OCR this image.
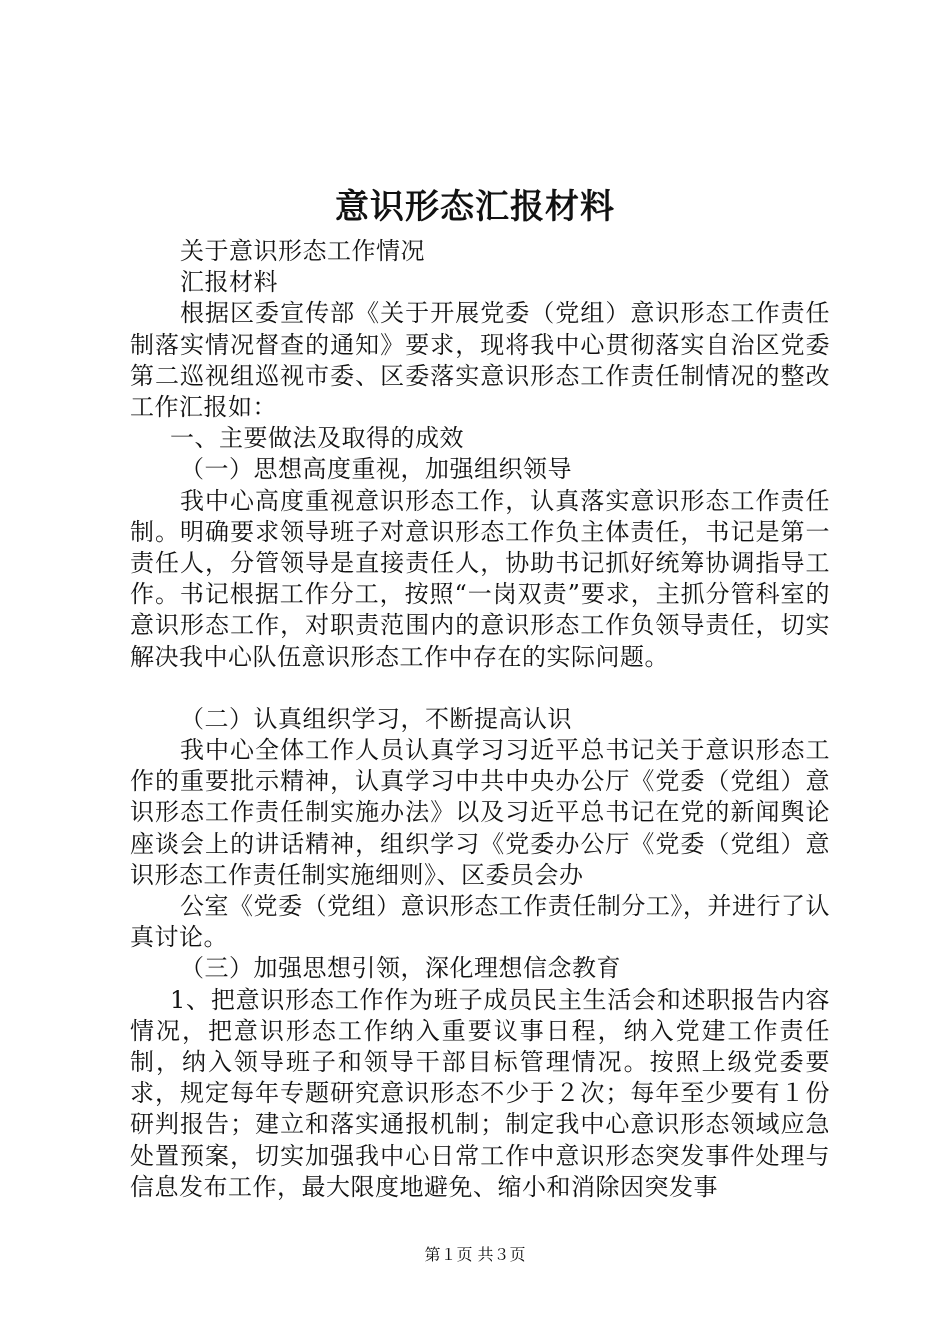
意识形态汇报材料

关于意识形态工作情况

汇报材料

根据区委宣传部《关于开展党委（党组）意识形态工作责任制落实情况督查的通知》要求，现将我中心贯彻落实自治区党委第二巡视组巡视市委、区委落实意识形态工作责任制情况的整改工作汇报如：

一、主要做法及取得的成效

（一）思想高度重视，加强组织领导

我中心高度重视意识形态工作，认真落实意识形态工作责任制。明确要求领导班子对意识形态工作负主体责任，书记是第一责任人，分管领导是直接责任人，协助书记抓好统筹协调指导工作。书记根据工作分工，按照“一岗双责”要求，主抓分管科室的意识形态工作，对职责范围内的意识形态工作负领导责任，切实解决我中心队伍意识形态工作中存在的实际问题。

（二）认真组织学习，不断提高认识

我中心全体工作人员认真学习习近平总书记关于意识形态工作的重要批示精神，认真学习中共中央办公厅《党委（党组）意识形态工作责任制实施办法》以及习近平总书记在党的新闻舆论座谈会上的讲话精神，组织学习《党委办公厅《党委（党组）意识形态工作责任制实施细则》、区委员会办

公室《党委（党组）意识形态工作责任制分工》，并进行了认真讨论。

（三）加强思想引领，深化理想信念教育

1、把意识形态工作作为班子成员民主生活会和述职报告内容情况，把意识形态工作纳入重要议事日程，纳入党建工作责任制，纳入领导班子和领导干部目标管理情况。按照上级党委要求，规定每年专题研究意识形态不少于２次；每年至少要有１份研判报告；建立和落实通报机制；制定我中心意识形态领域应急处置预案，切实加强我中心日常工作中意识形态突发事件处理与信息发布工作，最大限度地避免、缩小和消除因突发事

第１页 共３页
